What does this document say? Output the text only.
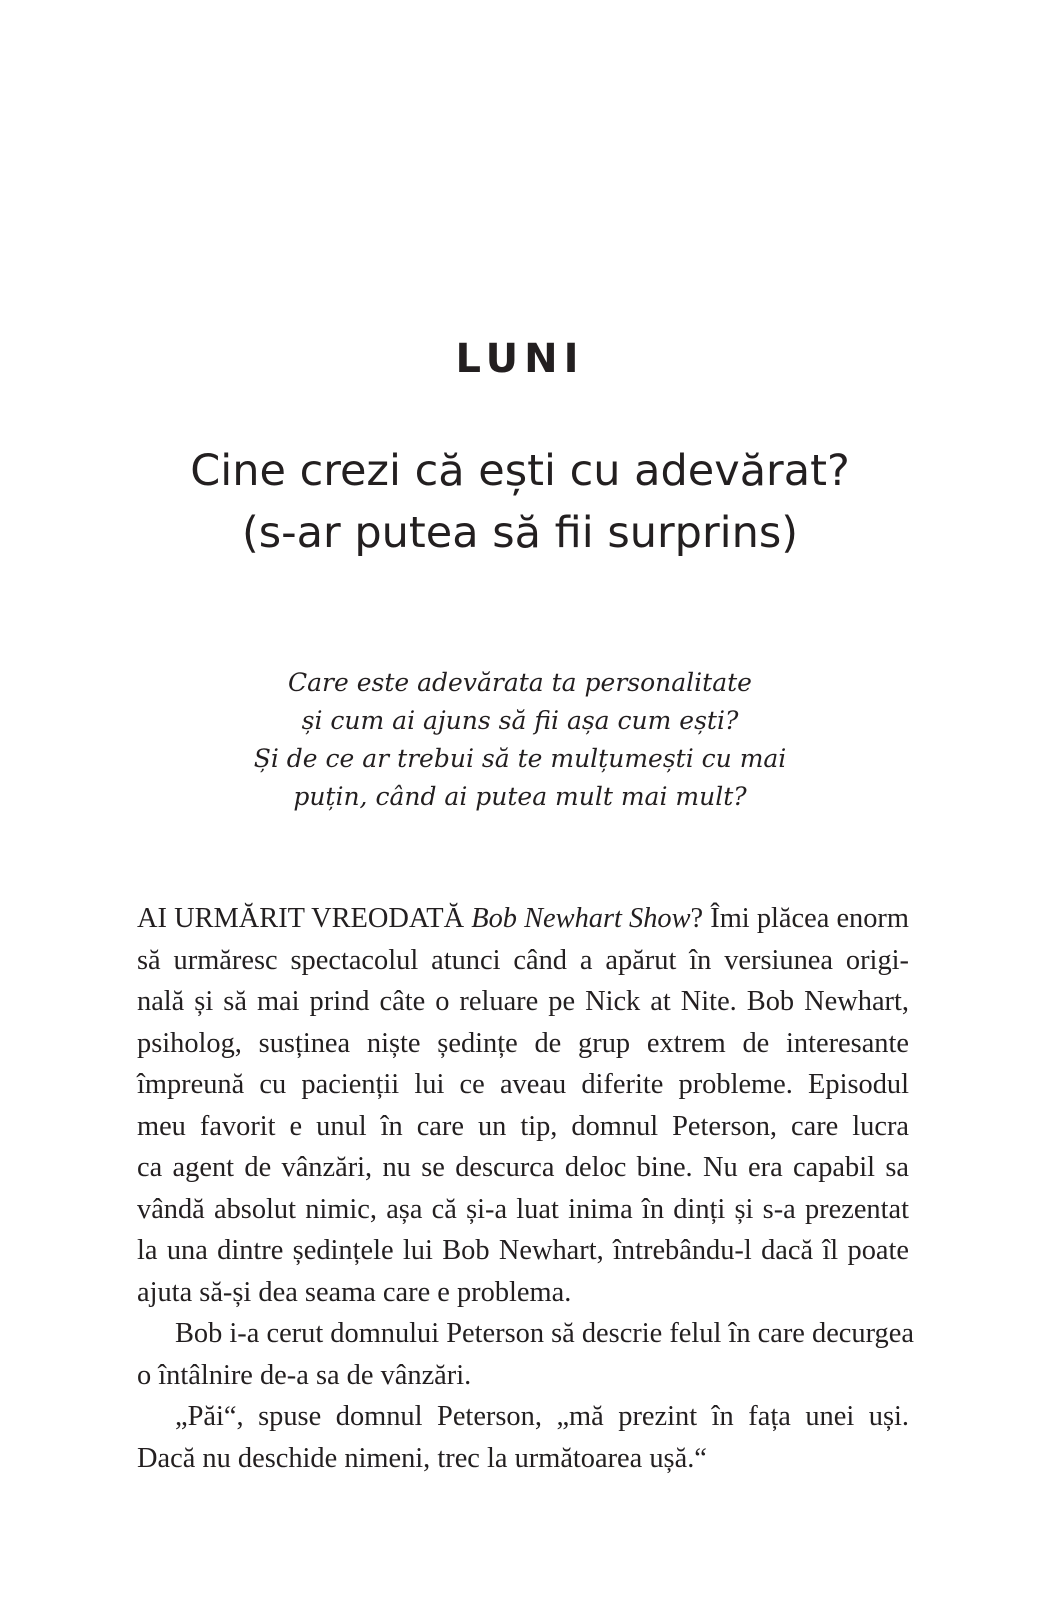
LUNI
Cine crezi că ești cu adevărat?
(s-ar putea să fii surprins)
Care este adevărata ta personalitate
și cum ai ajuns să fii așa cum ești?
Și de ce ar trebui să te mulțumești cu mai
puțin, când ai putea mult mai mult?
AI URMĂRIT VREODATĂ Bob Newhart Show? Îmi plăcea enorm
să urmăresc spectacolul atunci când a apărut în versiunea origi-
nală și să mai prind câte o reluare pe Nick at Nite. Bob Newhart,
psiholog, susținea niște ședințe de grup extrem de interesante
împreună cu pacienții lui ce aveau diferite probleme. Episodul
meu favorit e unul în care un tip, domnul Peterson, care lucra
ca agent de vânzări, nu se descurca deloc bine. Nu era capabil sa
vândă absolut nimic, așa că și-a luat inima în dinți și s-a prezentat
la una dintre ședințele lui Bob Newhart, întrebându-l dacă îl poate
ajuta să-și dea seama care e problema.
Bob i-a cerut domnului Peterson să descrie felul în care decurgea
o întâlnire de-a sa de vânzări.
„Păi“, spuse domnul Peterson, „mă prezint în fața unei uși.
Dacă nu deschide nimeni, trec la următoarea ușă.“
